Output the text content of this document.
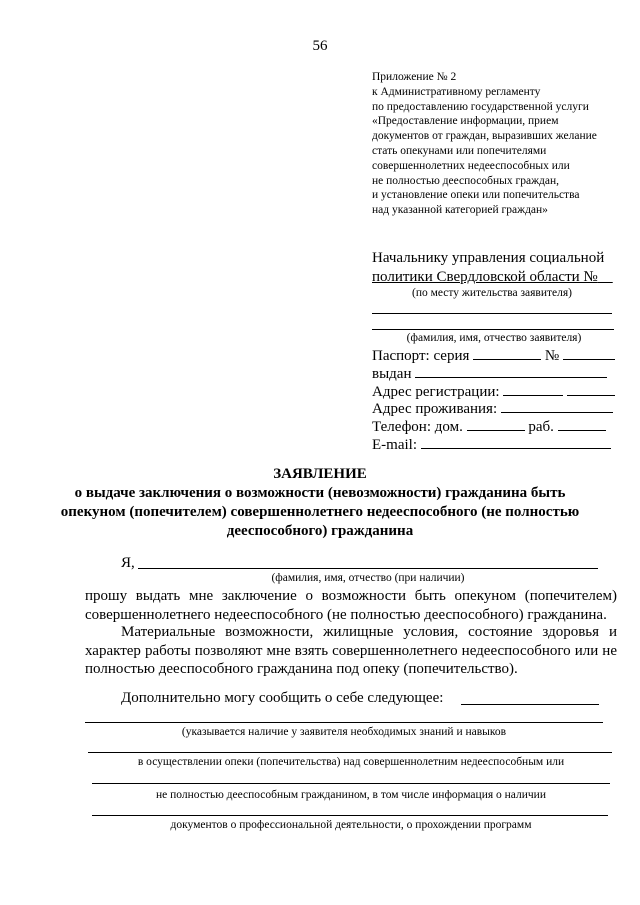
56
Приложение № 2
к Административному регламенту
по предоставлению государственной услуги
«Предоставление информации, прием
документов от граждан, выразивших желание
стать опекунами или попечителями
совершеннолетних недееспособных или
не полностью дееспособных граждан,
и установление опеки или попечительства
над указанной категорией граждан»
Начальнику управления социальной
политики Свердловской области №
(по месту жительства заявителя)
(фамилия, имя, отчество заявителя)
Паспорт: серия	№
выдан
Адрес регистрации:
Адрес проживания:
Телефон: дом.	раб.
E-mail:
ЗАЯВЛЕНИЕ
о выдаче заключения о возможности (невозможности) гражданина быть
опекуном (попечителем) совершеннолетнего недееспособного (не полностью
дееспособного) гражданина
Я,
(фамилия, имя, отчество (при наличии)
прошу выдать мне заключение о возможности быть опекуном (попечителем) совершеннолетнего недееспособного (не полностью дееспособного) гражданина.
Материальные возможности, жилищные условия, состояние здоровья и характер работы позволяют мне взять совершеннолетнего недееспособного или не полностью дееспособного гражданина под опеку (попечительство).
Дополнительно могу сообщить о себе следующее:
(указывается наличие у заявителя необходимых знаний и навыков
в осуществлении опеки (попечительства) над совершеннолетним недееспособным или
не полностью дееспособным гражданином, в том числе информация о наличии
документов о профессиональной деятельности, о прохождении программ
